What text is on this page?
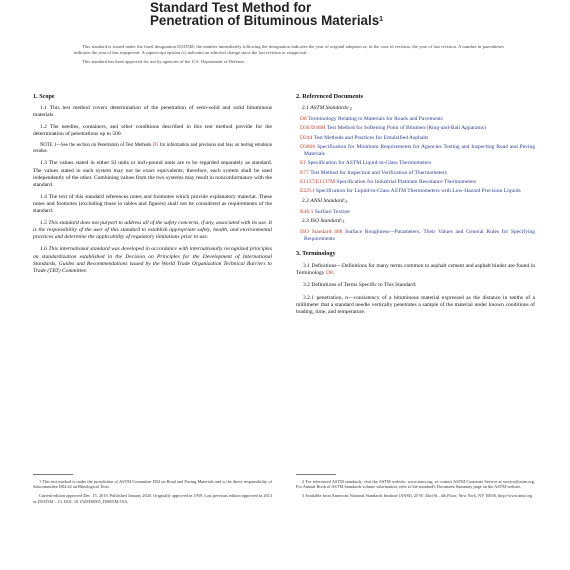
Standard Test Method for
Penetration of Bituminous Materials$^1$

This standard is issued under the fixed designation D5/D5M; the number immediately following the designation indicates the year of original adoption or, in the case of revision, the year of last revision. A number in parentheses indicates the year of last reapproval. A superscript epsilon (ε) indicates an editorial change since the last revision or reapproval.

This standard has been approved for use by agencies of the U.S. Department of Defense.

1. Scope
1.1 This test method covers determination of the penetration of semi-solid and solid bituminous materials.
1.2 The needles, containers, and other conditions described in this test method provide for the determination of penetrations up to 500.
NOTE 1—See the section on Penetration of Test Methods D5 for information and precision and bias on testing emulsion residue.
1.3 The values stated in either SI units or inch-pound units are to be regarded separately as standard. The values stated in each system may not be exact equivalents; therefore, each system shall be used independently of the other. Combining values from the two systems may result in nonconformance with the standard.
1.4 The text of this standard references notes and footnotes which provide explanatory material. These notes and footnotes (excluding those in tables and figures) shall not be considered as requirements of the standard.
1.5 This standard does not purport to address all of the safety concerns, if any, associated with its use. It is the responsibility of the user of this standard to establish appropriate safety, health, and environmental practices and determine the applicability of regulatory limitations prior to use.
1.6 This international standard was developed in accordance with internationally recognized principles on standardization established in the Decision on Principles for the Development of International Standards, Guides and Recommendations issued by the World Trade Organization Technical Barriers to Trade (TBT) Committee.
2. Referenced Documents
2.1 ASTM Standards:$^2$
D8 Terminology Relating to Materials for Roads and Pavements
D36/D36M Test Method for Softening Point of Bitumen (Ring-and-Ball Apparatus)
D244 Test Methods and Practices for Emulsified Asphalts
D3666 Specification for Minimum Requirements for Agencies Testing and Inspecting Road and Paving Materials
E1 Specification for ASTM Liquid-in-Glass Thermometers
E77 Test Method for Inspection and Verification of Thermometers
E1137/E1137M Specification for Industrial Platinum Resistance Thermometers
E2251 Specification for Liquid-in-Glass ASTM Thermometers with Low-Hazard Precision Liquids
2.2 ANSI Standard:$^3$
B46.1 Surface Texture
2.3 ISO Standard:$^3$
ISO Standard 468 Surface Roughness—Parameters, Their Values and General Rules for Specifying Requirements
3. Terminology
3.1 Definitions—Definitions for many terms common to asphalt cement and asphalt binder are found in Terminology D8.
3.2 Definitions of Terms Specific to This Standard:
3.2.1 penetration, n—consistency of a bituminous material expressed as the distance in tenths of a millimeter that a standard needle vertically penetrates a sample of the material under known conditions of loading, time, and temperature.

1 This test method is under the jurisdiction of ASTM Committee D04 on Road and Paving Materials and is the direct responsibility of Subcommittee D04.44 on Rheological Tests.

Current edition approved Dec. 15, 2019. Published January 2020. Originally approved in 1959. Last previous edition approved in 2013 as D5/D5M – 13. DOI: 10.1520/D0005_D0005M-19A.

2 For referenced ASTM standards, visit the ASTM website, www.astm.org, or contact ASTM Customer Service at service@astm.org. For Annual Book of ASTM Standards volume information, refer to the standard's Document Summary page on the ASTM website.

3 Available from American National Standards Institute (ANSI), 25 W. 43rd St., 4th Floor, New York, NY 10036, http://www.ansi.org.
